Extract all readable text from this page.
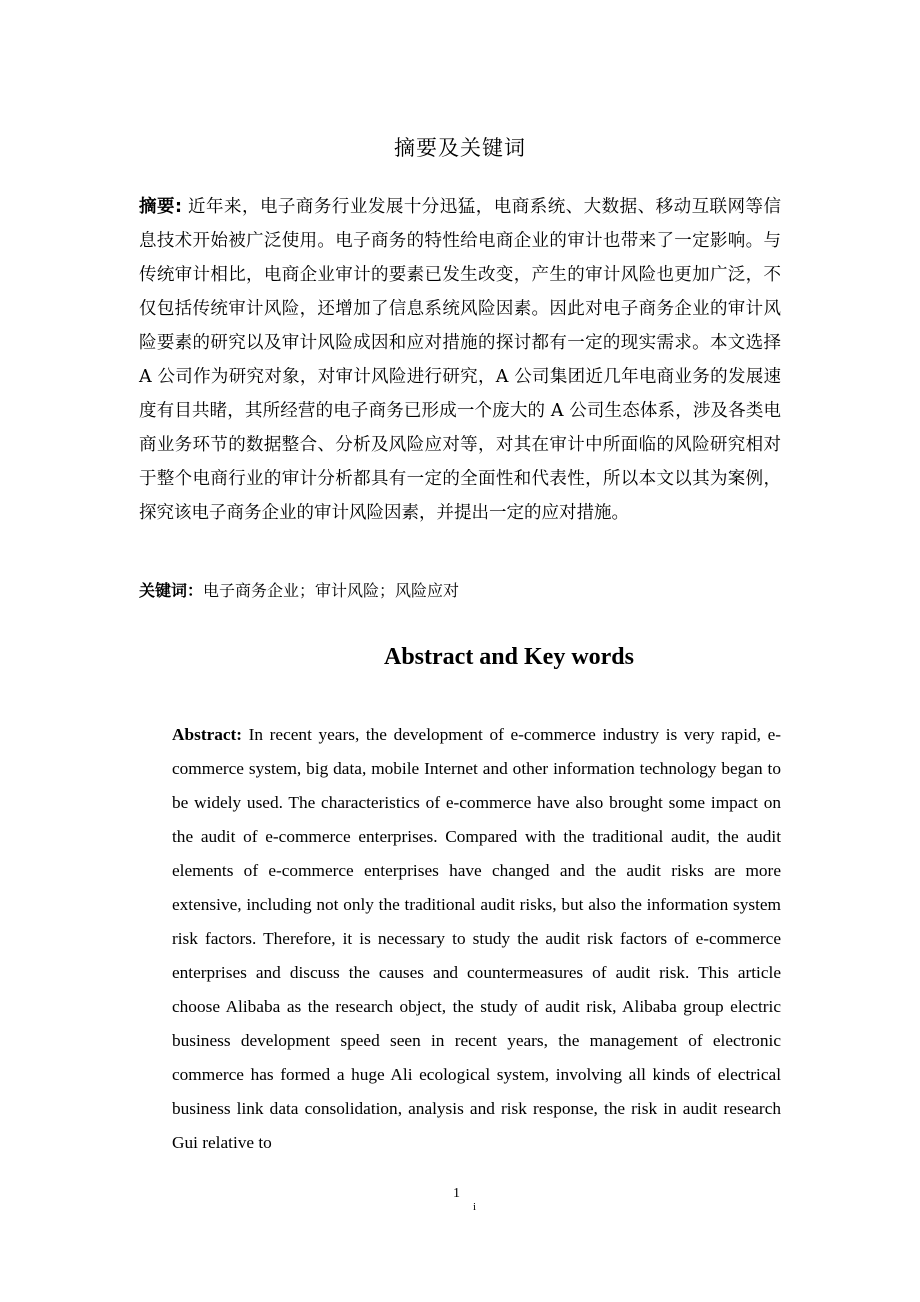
摘要及关键词
摘要: 近年来，电子商务行业发展十分迅猛，电商系统、大数据、移动互联网等信息技术开始被广泛使用。电子商务的特性给电商企业的审计也带来了一定影响。与传统审计相比，电商企业审计的要素已发生改变，产生的审计风险也更加广泛，不仅包括传统审计风险，还增加了信息系统风险因素。因此对电子商务企业的审计风险要素的研究以及审计风险成因和应对措施的探讨都有一定的现实需求。本文选择 A 公司作为研究对象，对审计风险进行研究，A 公司集团近几年电商业务的发展速度有目共睹，其所经营的电子商务已形成一个庞大的 A 公司生态体系，涉及各类电商业务环节的数据整合、分析及风险应对等，对其在审计中所面临的风险研究相对于整个电商行业的审计分析都具有一定的全面性和代表性，所以本文以其为案例，探究该电子商务企业的审计风险因素，并提出一定的应对措施。
关键词：电子商务企业；审计风险；风险应对
Abstract and Key words
Abstract: In recent years, the development of e-commerce industry is very rapid, e-commerce system, big data, mobile Internet and other information technology began to be widely used. The characteristics of e-commerce have also brought some impact on the audit of e-commerce enterprises. Compared with the traditional audit, the audit elements of e-commerce enterprises have changed and the audit risks are more extensive, including not only the traditional audit risks, but also the information system risk factors. Therefore, it is necessary to study the audit risk factors of e-commerce enterprises and discuss the causes and countermeasures of audit risk. This article choose Alibaba as the research object, the study of audit risk, Alibaba group electric business development speed seen in recent years, the management of electronic commerce has formed a huge Ali ecological system, involving all kinds of electrical business link data consolidation, analysis and risk response, the risk in audit research Gui relative to
1
i
